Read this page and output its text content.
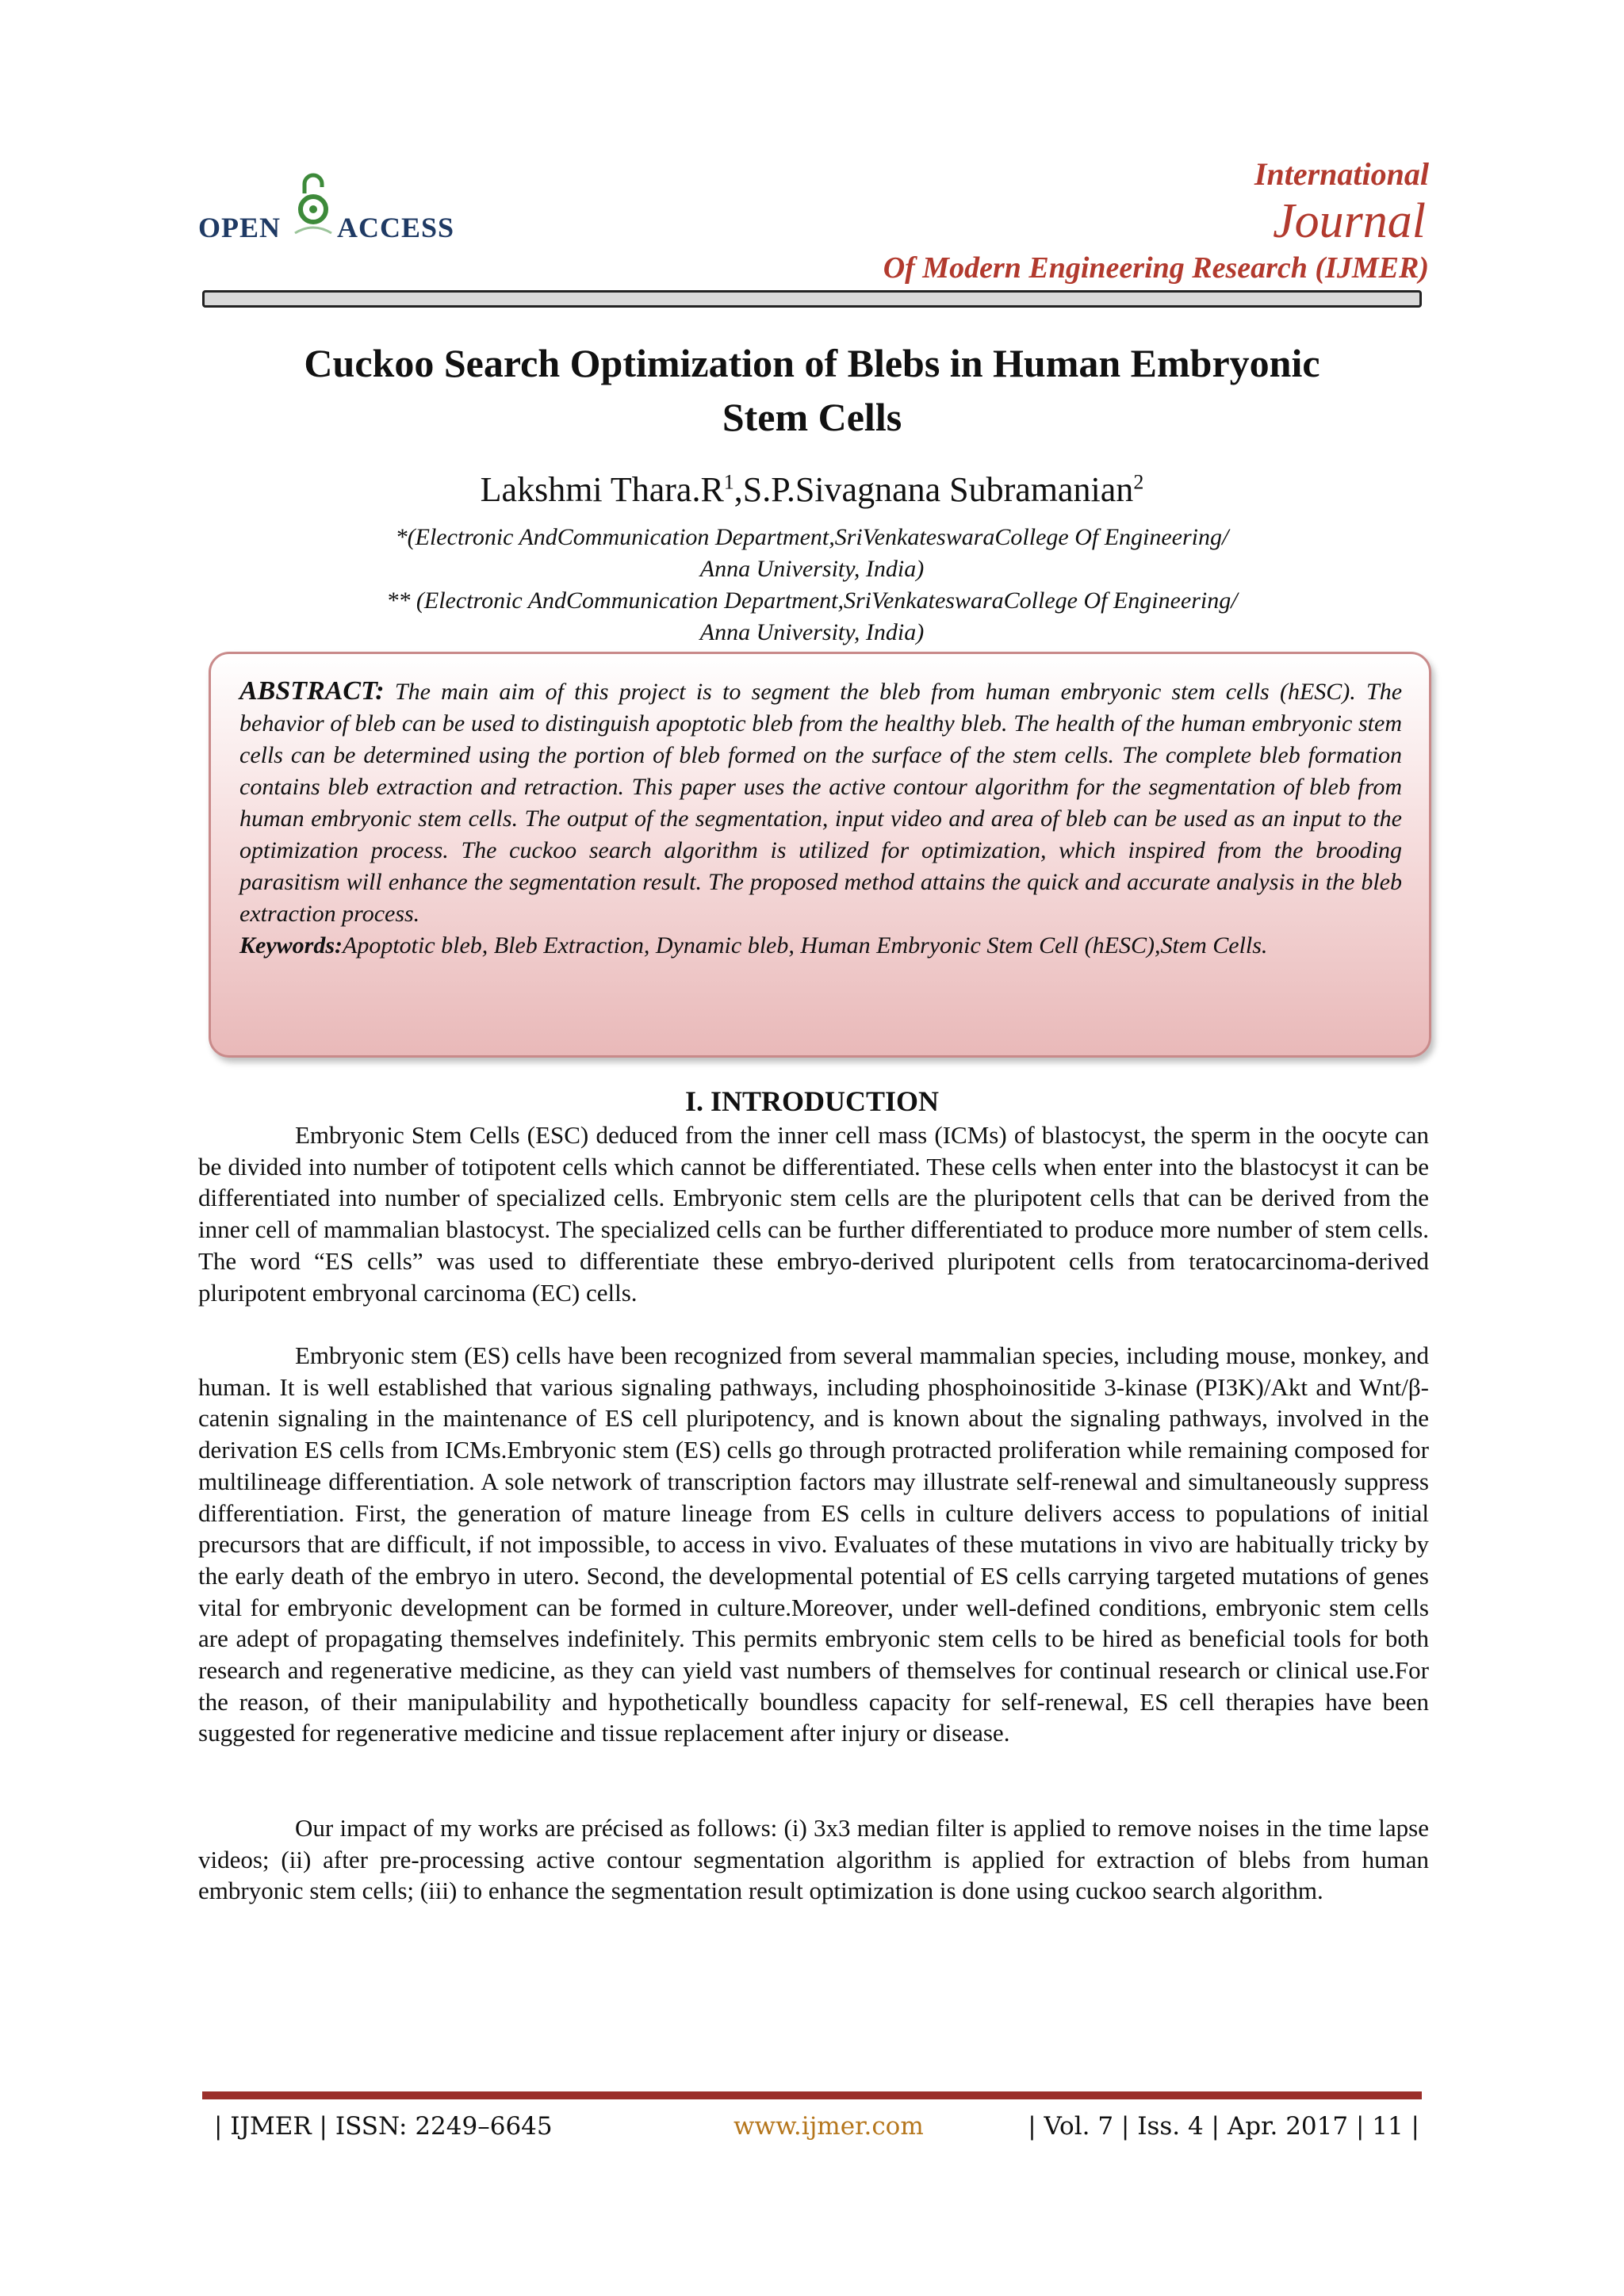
OPEN ACCESS
International
Journal
Of Modern Engineering Research (IJMER)
Cuckoo Search Optimization of Blebs in Human Embryonic
Stem Cells
Lakshmi $Thara.R^1,S.P.Sivagnana$ Subramanian$^2$
*(Electronic AndCommunication Department,SriVenkateswaraCollege Of Engineering/
Anna University, India)
** (Electronic AndCommunication Department,SriVenkateswaraCollege Of Engineering/
Anna University, India)
ABSTRACT: The main aim of this project is to segment the bleb from human embryonic stem cells (hESC). The behavior of bleb can be used to distinguish apoptotic bleb from the healthy bleb. The health of the human embryonic stem cells can be determined using the portion of bleb formed on the surface of the stem cells. The complete bleb formation contains bleb extraction and retraction. This paper uses the active contour algorithm for the segmentation of bleb from human embryonic stem cells. The output of the segmentation, input video and area of bleb can be used as an input to the optimization process. The cuckoo search algorithm is utilized for optimization, which inspired from the brooding parasitism will enhance the segmentation result. The proposed method attains the quick and accurate analysis in the bleb extraction process.
Keywords:Apoptotic bleb, Bleb Extraction, Dynamic bleb, Human Embryonic Stem Cell (hESC),Stem Cells.
I. INTRODUCTION
Embryonic Stem Cells (ESC) deduced from the inner cell mass (ICMs) of blastocyst, the sperm in the oocyte can be divided into number of totipotent cells which cannot be differentiated. These cells when enter into the blastocyst it can be differentiated into number of specialized cells. Embryonic stem cells are the pluripotent cells that can be derived from the inner cell of mammalian blastocyst. The specialized cells can be further differentiated to produce more number of stem cells. The word “ES cells” was used to differentiate these embryo-derived pluripotent cells from teratocarcinoma-derived pluripotent embryonal carcinoma (EC) cells.
Embryonic stem (ES) cells have been recognized from several mammalian species, including mouse, monkey, and human. It is well established that various signaling pathways, including phosphoinositide 3-kinase (PI3K)/Akt and Wnt/β-catenin signaling in the maintenance of ES cell pluripotency, and is known about the signaling pathways, involved in the derivation ES cells from ICMs.Embryonic stem (ES) cells go through protracted proliferation while remaining composed for multilineage differentiation. A sole network of transcription factors may illustrate self-renewal and simultaneously suppress differentiation. First, the generation of mature lineage from ES cells in culture delivers access to populations of initial precursors that are difficult, if not impossible, to access in vivo. Evaluates of these mutations in vivo are habitually tricky by the early death of the embryo in utero. Second, the developmental potential of ES cells carrying targeted mutations of genes vital for embryonic development can be formed in culture.Moreover, under well-defined conditions, embryonic stem cells are adept of propagating themselves indefinitely. This permits embryonic stem cells to be hired as beneficial tools for both research and regenerative medicine, as they can yield vast numbers of themselves for continual research or clinical use.For the reason, of their manipulability and hypothetically boundless capacity for self-renewal, ES cell therapies have been suggested for regenerative medicine and tissue replacement after injury or disease.
Our impact of my works are précised as follows: (i) 3x3 median filter is applied to remove noises in the time lapse videos; (ii) after pre-processing active contour segmentation algorithm is applied for extraction of blebs from human embryonic stem cells; (iii) to enhance the segmentation result optimization is done using cuckoo search algorithm.
| IJMER | ISSN: 2249–6645	www.ijmer.com	| Vol. 7 | Iss. 4 | Apr. 2017 | 11 |
